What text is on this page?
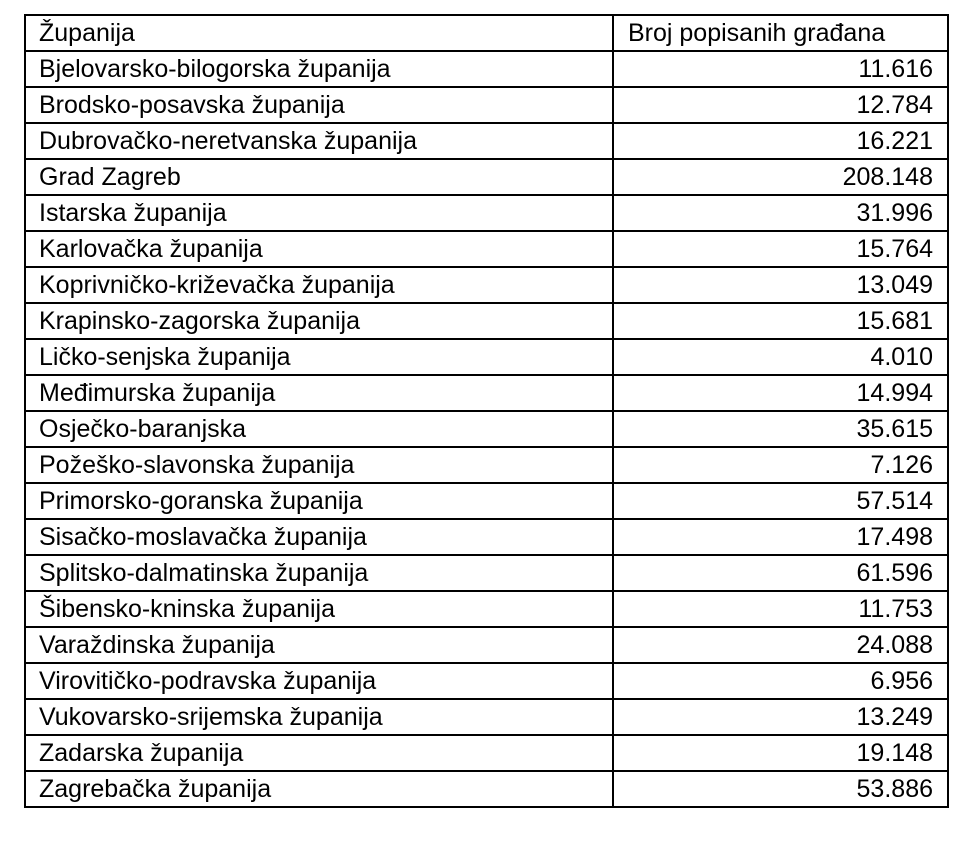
Županija	Broj popisanih građana
Bjelovarsko-bilogorska županija	11.616
Brodsko-posavska županija	12.784
Dubrovačko-neretvanska županija	16.221
Grad Zagreb	208.148
Istarska županija	31.996
Karlovačka županija	15.764
Koprivničko-križevačka županija	13.049
Krapinsko-zagorska županija	15.681
Ličko-senjska županija	4.010
Međimurska županija	14.994
Osječko-baranjska	35.615
Požeško-slavonska županija	7.126
Primorsko-goranska županija	57.514
Sisačko-moslavačka županija	17.498
Splitsko-dalmatinska županija	61.596
Šibensko-kninska županija	11.753
Varaždinska županija	24.088
Virovitičko-podravska županija	6.956
Vukovarsko-srijemska županija	13.249
Zadarska županija	19.148
Zagrebačka županija	53.886
